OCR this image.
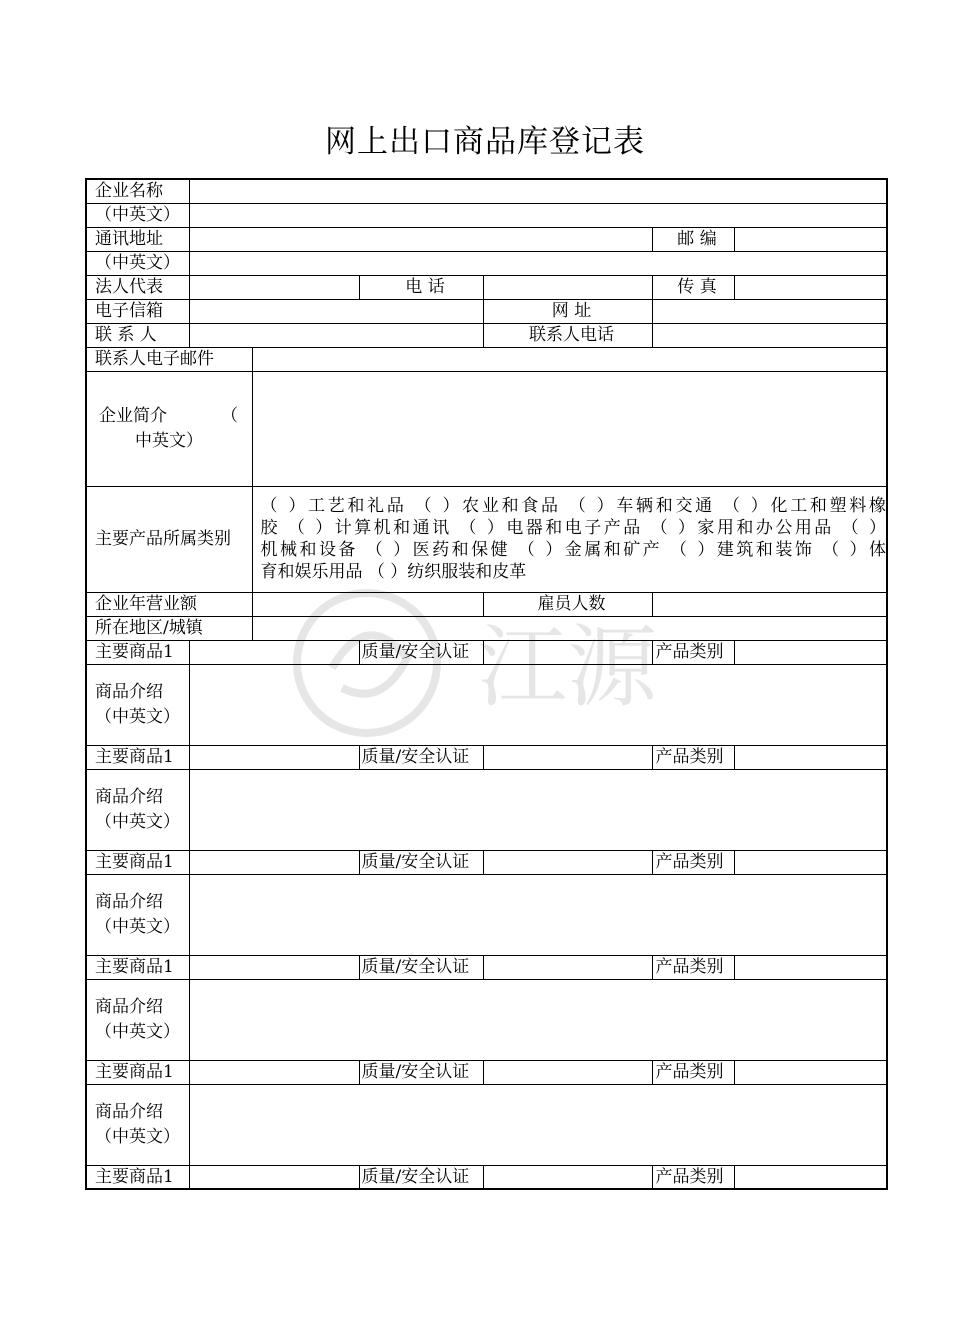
网上出口商品库登记表
江源
企业名称						
（中英文）						
通讯地址					邮 编	
（中英文）						
法人代表			电 话		传 真	
电子信箱				网 址		
联 系 人				联系人电话		
联系人电子邮件						

企业简介          （
中英文）						

主要产品所属类别		（ ）工艺和礼品 （ ）农业和食品 （ ）车辆和交通 （ ）化工和塑料橡
胶 （ ）计算机和通讯 （ ）电器和电子产品 （ ）家用和办公用品 （ ）
机械和设备 （ ）医药和保健 （ ）金属和矿产 （ ）建筑和装饰 （ ）体
育和娱乐用品 （ ）纺织服装和皮革				

企业年营业额				雇员人数		
所在地区/城镇						
主要商品1			质量/安全认证		产品类别	

商品介绍
（中英文）						

主要商品1			质量/安全认证		产品类别	

商品介绍
（中英文）						

主要商品1			质量/安全认证		产品类别	

商品介绍
（中英文）						

主要商品1			质量/安全认证		产品类别	

商品介绍
（中英文）						

主要商品1			质量/安全认证		产品类别	

商品介绍
（中英文）						

主要商品1			质量/安全认证		产品类别	
